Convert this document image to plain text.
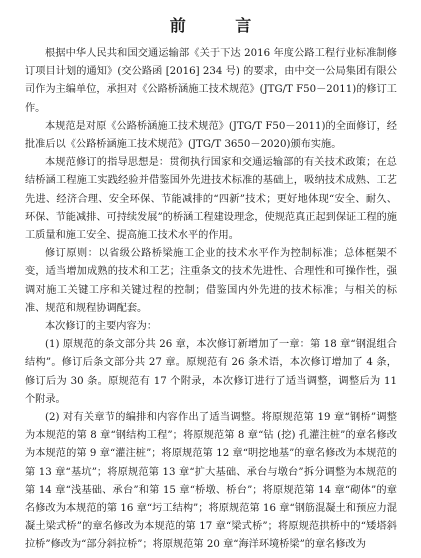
前 言

根据中华人民共和国交通运输部《关于下达 2016 年度公路工程行业标准制修订项目计划的通知》(交公路函 [2016] 234 号) 的要求，由中交一公局集团有限公司作为主编单位，承担对《公路桥涵施工技术规范》(JTG/T F50－2011)的修订工作。

本规范是对原《公路桥涵施工技术规范》(JTG/T F50－2011)的全面修订，经批准后以《公路桥涵施工技术规范》(JTG/T 3650－2020)颁布实施。

本规范修订的指导思想是：贯彻执行国家和交通运输部的有关技术政策；在总结桥涵工程施工实践经验并借鉴国外先进技术标准的基础上，吸纳技术成熟、工艺先进、经济合理、安全环保、节能减排的“四新”技术；更好地体现“安全、耐久、环保、节能减排、可持续发展”的桥涵工程建设理念，使规范真正起到保证工程的施工质量和施工安全、提高施工技术水平的作用。

修订原则：以省级公路桥梁施工企业的技术水平作为控制标准；总体框架不变，适当增加成熟的技术和工艺；注重条文的技术先进性、合理性和可操作性，强调对施工关键工序和关键过程的控制；借鉴国内外先进的技术标准；与相关的标准、规范和规程协调配套。

本次修订的主要内容为：

(1) 原规范的条文部分共 26 章，本次修订新增加了一章：第 18 章“钢混组合结构”。修订后条文部分共 27 章。原规范有 26 条术语，本次修订增加了 4 条，修订后为 30 条。原规范有 17 个附录，本次修订进行了适当调整，调整后为 11 个附录。

(2) 对有关章节的编排和内容作出了适当调整。将原规范第 19 章“钢桥”调整为本规范的第 8 章“钢结构工程”；将原规范第 8 章“钻 (挖) 孔灌注桩”的章名修改为本规范的第 9 章“灌注桩”；将原规范第 12 章“明挖地基”的章名修改为本规范的第 13 章“基坑”；将原规范第 13 章“扩大基础、承台与墩台”拆分调整为本规范的第 14 章“浅基础、承台”和第 15 章“桥墩、桥台”；将原规范第 14 章“砌体”的章名修改为本规范的第 16 章“圬工结构”；将原规范第 16 章“钢筋混凝土和预应力混凝土梁式桥”的章名修改为本规范的第 17 章“梁式桥”；将原规范拱桥中的“矮塔斜拉桥”修改为“部分斜拉桥”；将原规范第 20 章“海洋环境桥梁”的章名修改为
